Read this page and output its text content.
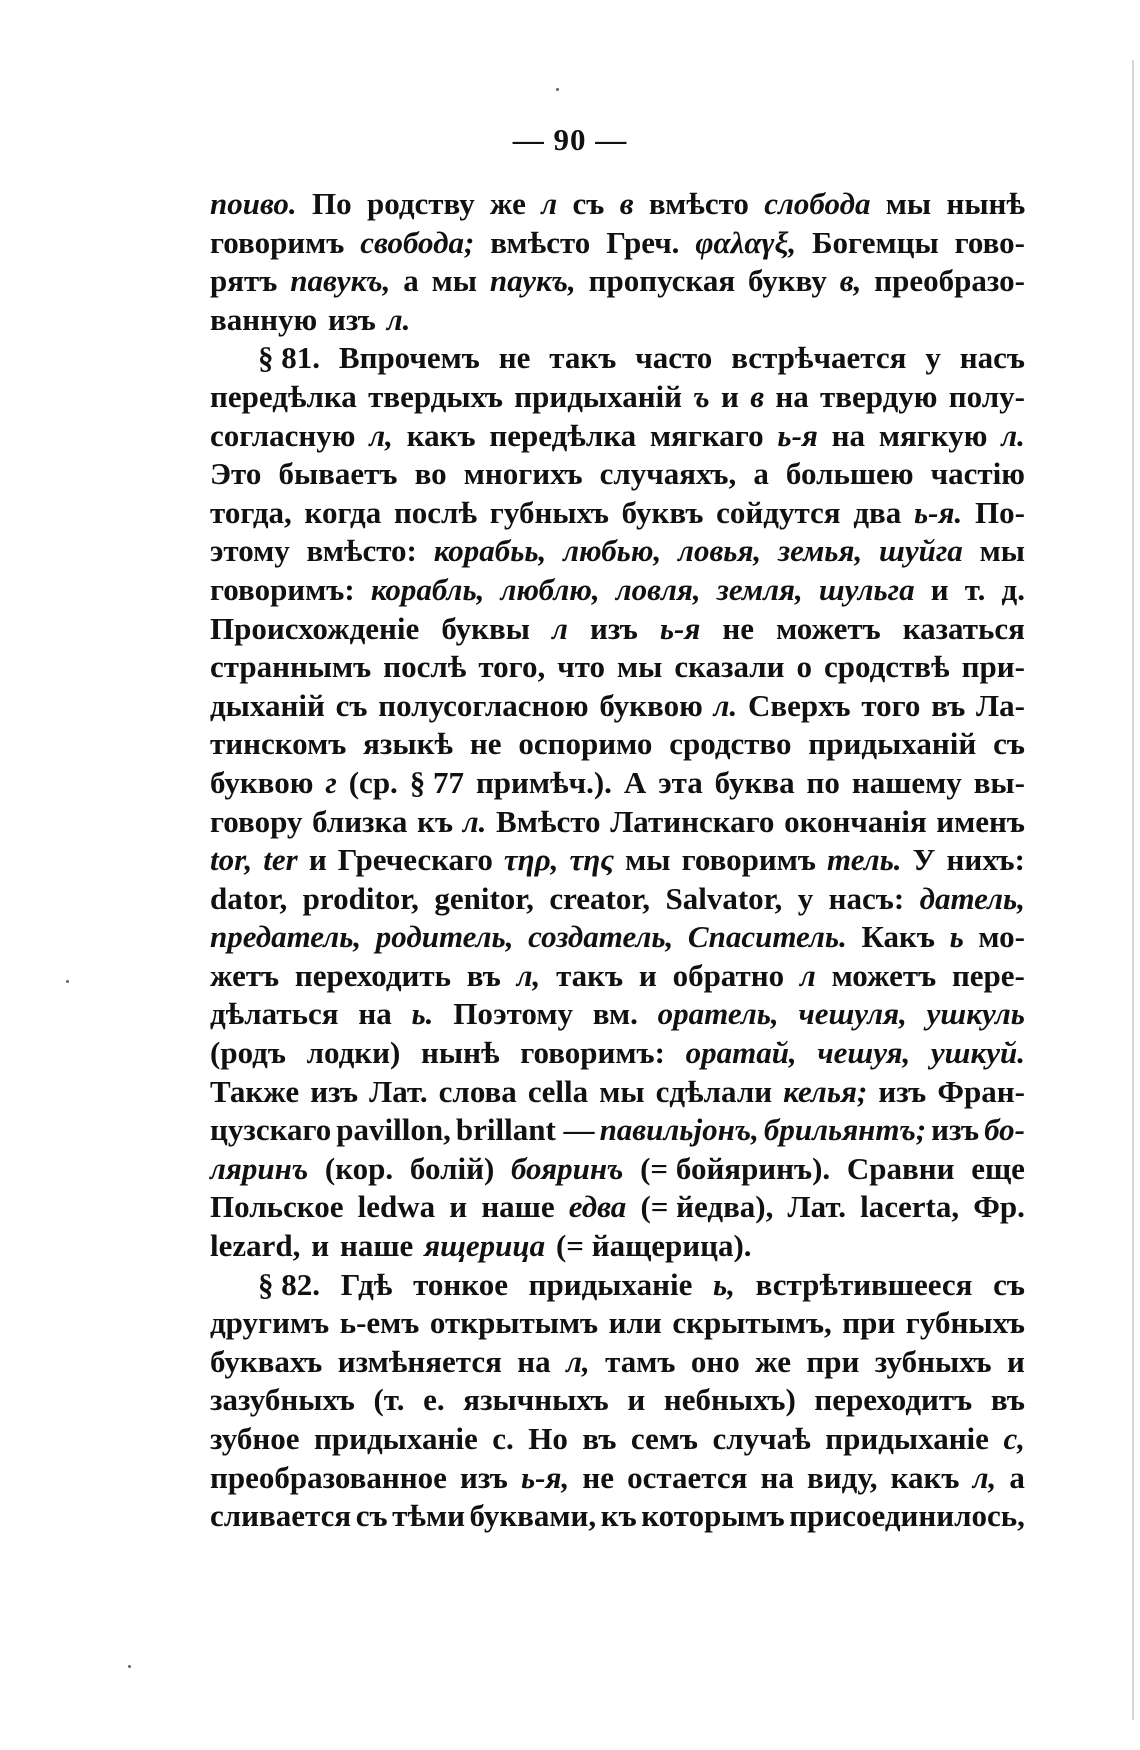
— 90 —
поиво. По родству же л съ в вмѣсто слобода мы нынѣ
говоримъ свобода; вмѣсто Греч. φαλαγξ, Богемцы гово-
рятъ павукъ, а мы паукъ, пропуская букву в, преобразо-
ванную изъ л.
§ 81. Впрочемъ не такъ часто встрѣчается у насъ
передѣлка твердыхъ придыханій ъ и в на твердую полу-
согласную л, какъ передѣлка мягкаго ь-я на мягкую л.
Это бываетъ во многихъ случаяхъ, а большею частію
тогда, когда послѣ губныхъ буквъ сойдутся два ь-я. По-
этому вмѣсто: корабьь, любью, ловья, земья, шуйга мы
говоримъ: корабль, люблю, ловля, земля, шульга и т. д.
Происхожденіе буквы л изъ ь-я не можетъ казаться
страннымъ послѣ того, что мы сказали о сродствѣ при-
дыханій съ полусогласною буквою л. Сверхъ того въ Ла-
тинскомъ языкѣ не оспоримо сродство придыханій съ
буквою г (ср. § 77 примѣч.). А эта буква по нашему вы-
говору близка къ л. Вмѣсто Латинскаго окончанія именъ
tor, ter и Греческаго τηρ, της мы говоримъ тель. У нихъ:
dator, proditor, genitor, creator, Salvator, у насъ: датель,
предатель, родитель, создатель, Спаситель. Какъ ь мо-
жетъ переходить въ л, такъ и обратно л можетъ пере-
дѣлаться на ь. Поэтому вм. оратель, чешуля, ушкуль
(родъ лодки) нынѣ говоримъ: оратай, чешуя, ушкуй.
Также изъ Лат. слова cella мы сдѣлали келья; изъ Фран-
цузскаго pavillon, brillant — павильjонъ, брильянтъ; изъ бо-
ляринъ (кор. болій) бояринъ (= бойяринъ). Сравни еще
Польское ledwa и наше едва (= йедва), Лат. lacerta, Фр.
lezard, и наше ящерица (= йащерица).
§ 82. Гдѣ тонкое придыханіе ь, встрѣтившееся съ
другимъ ь-емъ открытымъ или скрытымъ, при губныхъ
буквахъ измѣняется на л, тамъ оно же при зубныхъ и
зазубныхъ (т. е. язычныхъ и небныхъ) переходитъ въ
зубное придыханіе с. Но въ семъ случаѣ придыханіе с,
преобразованное изъ ь-я, не остается на виду, какъ л, а
сливается съ тѣми буквами, къ которымъ присоединилось,
